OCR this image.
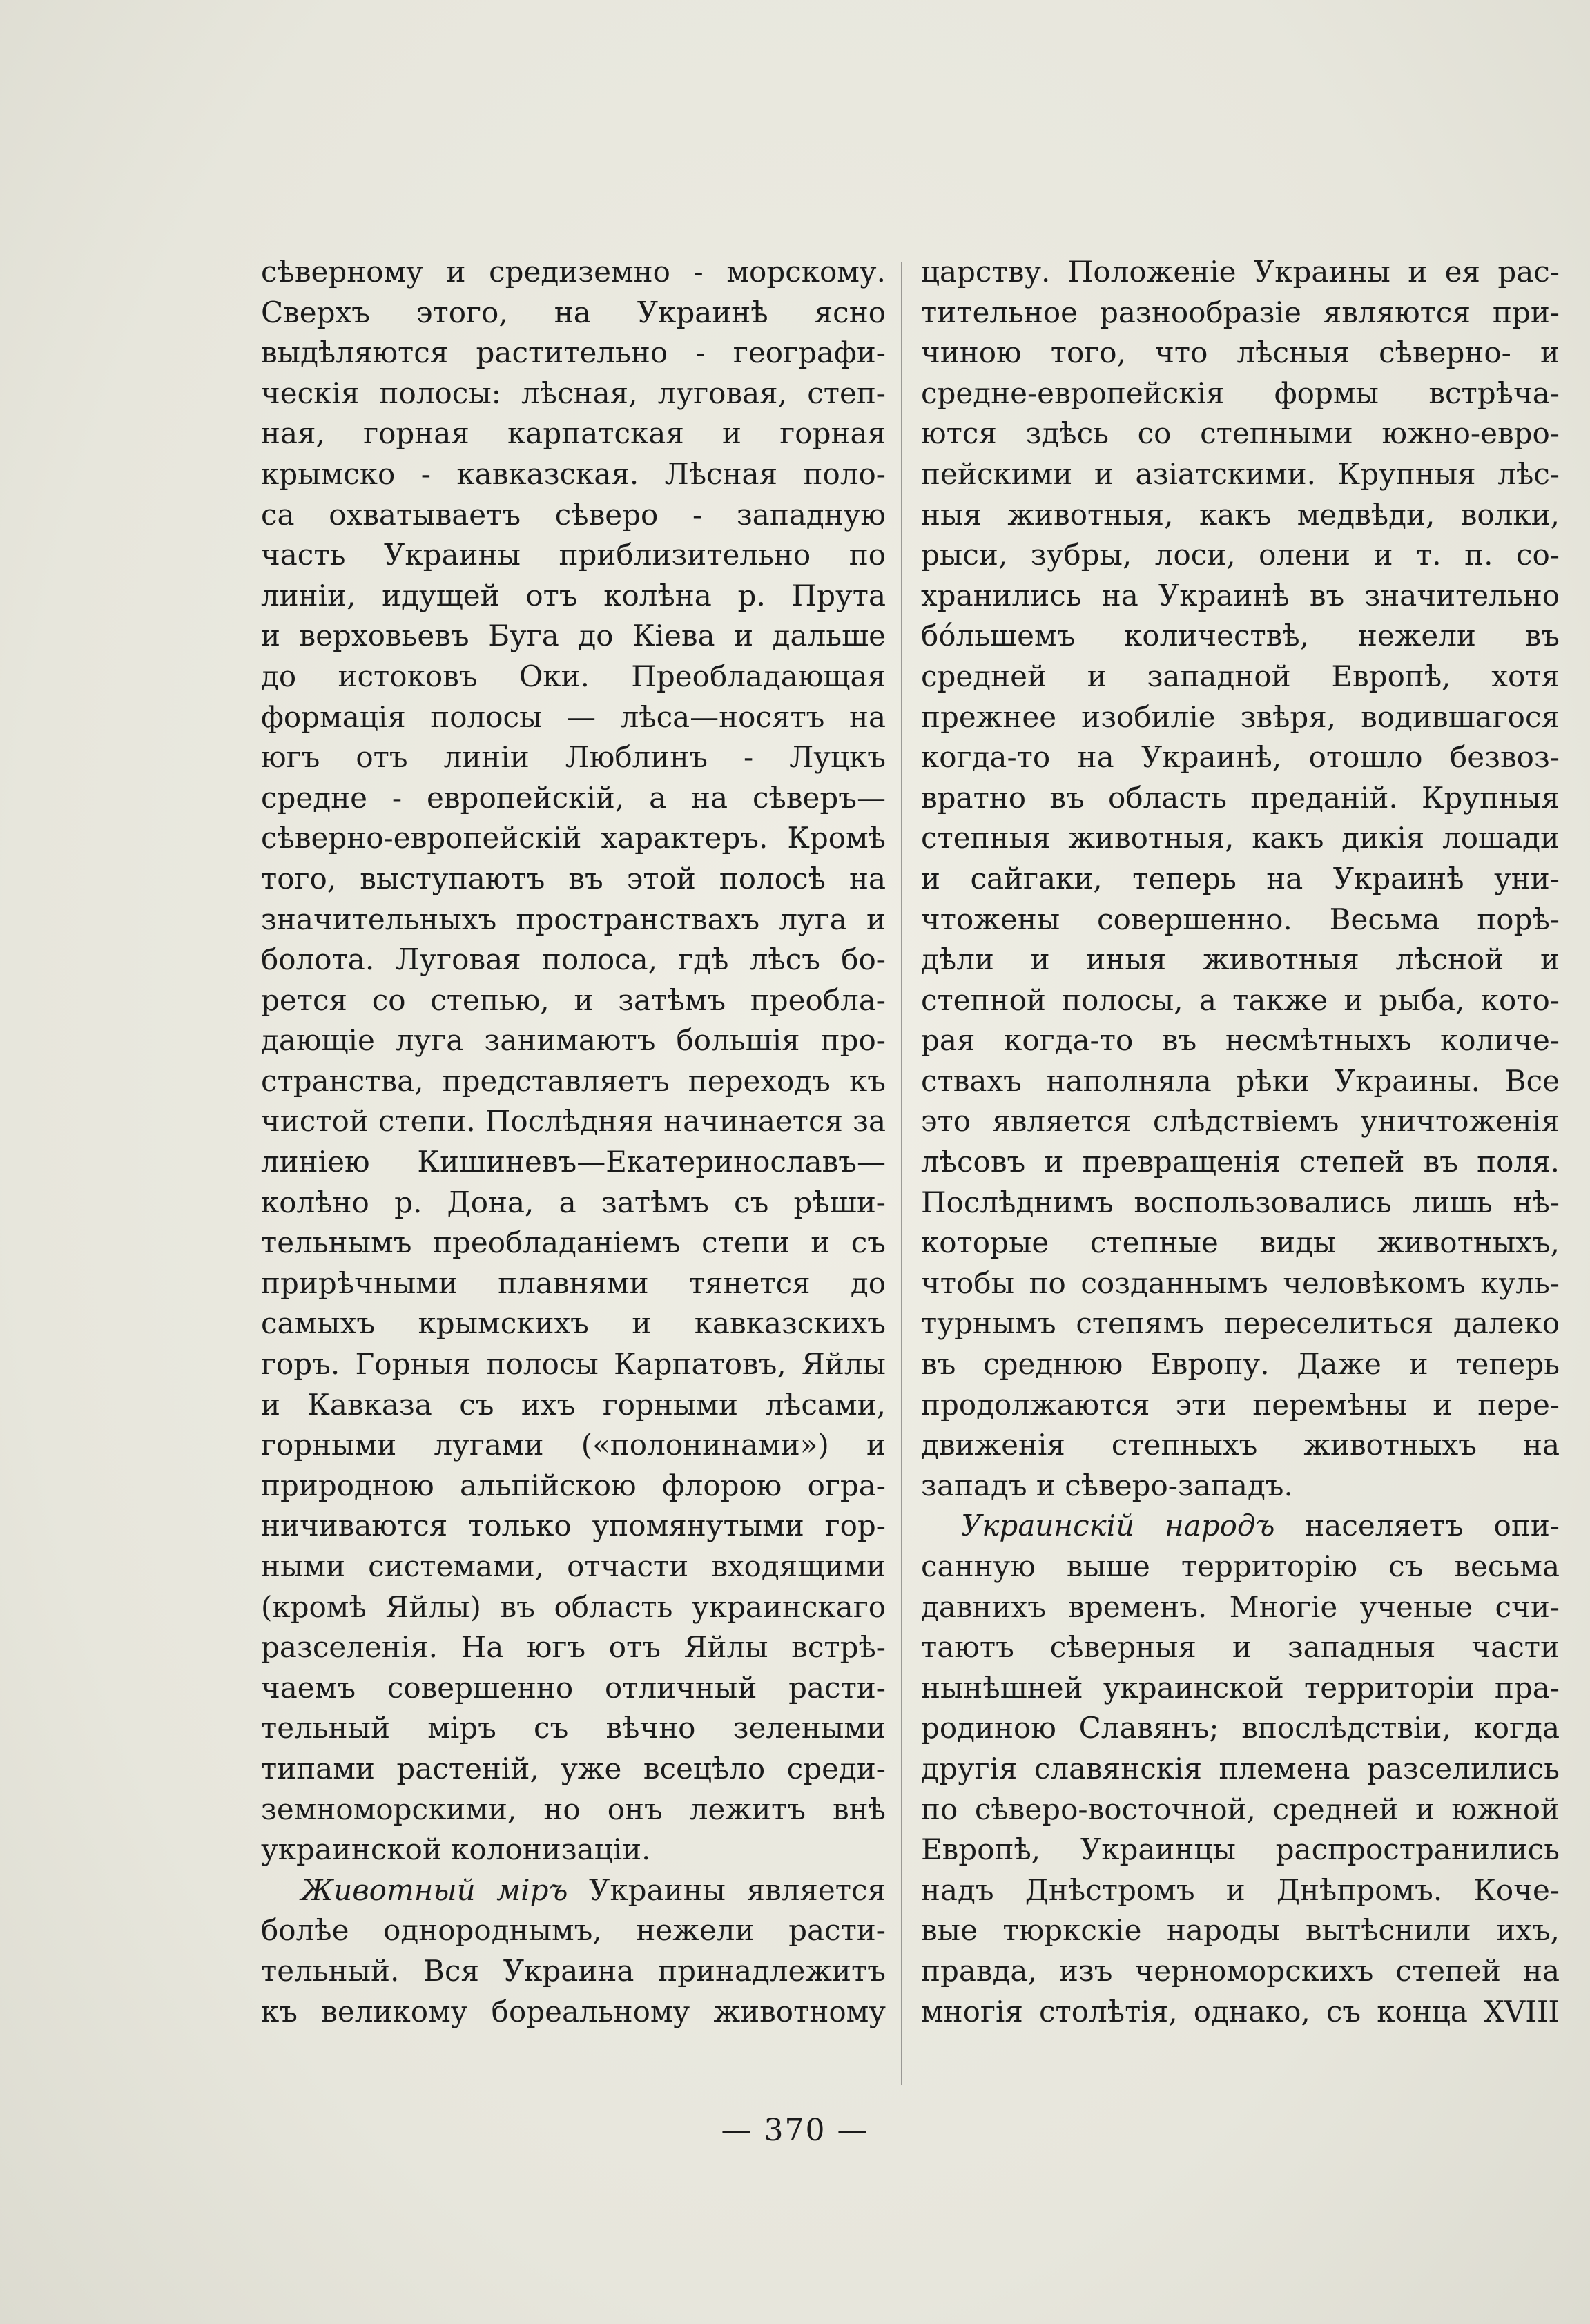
сѣверному и средиземно - морскому.
Сверхъ этого, на Украинѣ ясно
выдѣляются растительно - географи-
ческія полосы: лѣсная, луговая, степ-
ная, горная карпатская и горная
крымско - кавказская. Лѣсная поло-
са охватываетъ сѣверо - западную
часть Украины приблизительно по
линіи, идущей отъ колѣна р. Прута
и верховьевъ Буга до Кіева и дальше
до истоковъ Оки. Преобладающая
формація полосы — лѣса—носятъ на
югъ отъ линіи Люблинъ - Луцкъ
средне - европейскій, а на сѣверъ—
сѣверно-европейскій характеръ. Кромѣ
того, выступаютъ въ этой полосѣ на
значительныхъ пространствахъ луга и
болота. Луговая полоса, гдѣ лѣсъ бо-
рется со степью, и затѣмъ преобла-
дающіе луга занимаютъ большія про-
странства, представляетъ переходъ къ
чистой степи. Послѣдняя начинается за
линіею Кишиневъ—Екатеринославъ—
колѣно р. Дона, а затѣмъ съ рѣши-
тельнымъ преобладаніемъ степи и съ
прирѣчными плавнями тянется до
самыхъ крымскихъ и кавказскихъ
горъ. Горныя полосы Карпатовъ, Яйлы
и Кавказа съ ихъ горными лѣсами,
горными лугами («полонинами») и
природною альпійскою флорою огра-
ничиваются только упомянутыми гор-
ными системами, отчасти входящими
(кромѣ Яйлы) въ область украинскаго
разселенія. На югъ отъ Яйлы встрѣ-
чаемъ совершенно отличный расти-
тельный міръ съ вѣчно зелеными
типами растеній, уже всецѣло среди-
земноморскими, но онъ лежитъ внѣ
украинской колонизаціи.
Животный міръ Украины является
болѣе однороднымъ, нежели расти-
тельный. Вся Украина принадлежитъ
къ великому бореальному животному
царству. Положеніе Украины и ея рас-
тительное разнообразіе являются при-
чиною того, что лѣсныя сѣверно- и
средне-европейскія формы встрѣча-
ются здѣсь со степными южно-евро-
пейскими и азіатскими. Крупныя лѣс-
ныя животныя, какъ медвѣди, волки,
рыси, зубры, лоси, олени и т. п. со-
хранились на Украинѣ въ значительно
бóльшемъ количествѣ, нежели въ
средней и западной Европѣ, хотя
прежнее изобиліе звѣря, водившагося
когда-то на Украинѣ, отошло безвоз-
вратно въ область преданій. Крупныя
степныя животныя, какъ дикія лошади
и сайгаки, теперь на Украинѣ уни-
чтожены совершенно. Весьма порѣ-
дѣли и иныя животныя лѣсной и
степной полосы, а также и рыба, кото-
рая когда-то въ несмѣтныхъ количе-
ствахъ наполняла рѣки Украины. Все
это является слѣдствіемъ уничтоженія
лѣсовъ и превращенія степей въ поля.
Послѣднимъ воспользовались лишь нѣ-
которые степные виды животныхъ,
чтобы по созданнымъ человѣкомъ куль-
турнымъ степямъ переселиться далеко
въ среднюю Европу. Даже и теперь
продолжаются эти перемѣны и пере-
движенія степныхъ животныхъ на
западъ и сѣверо-западъ.
Украинскій народъ населяетъ опи-
санную выше территорію съ весьма
давнихъ временъ. Многіе ученые счи-
таютъ сѣверныя и западныя части
нынѣшней украинской территоріи пра-
родиною Славянъ; впослѣдствіи, когда
другія славянскія племена разселились
по сѣверо-восточной, средней и южной
Европѣ, Украинцы распространились
надъ Днѣстромъ и Днѣпромъ. Коче-
вые тюркскіе народы вытѣснили ихъ,
правда, изъ черноморскихъ степей на
многія столѣтія, однако, съ конца XVIII
— 370 —
